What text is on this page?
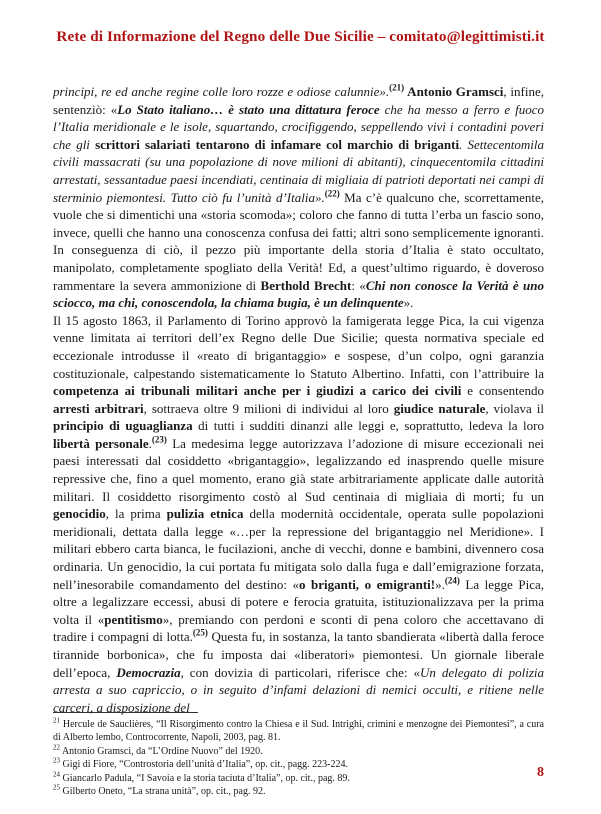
Rete di Informazione del Regno delle Due Sicilie – comitato@legittimisti.it

principi, re ed anche regine colle loro rozze e odiose calunnie».$^{(21)}$ Antonio Gramsci, infine, sentenziò: «Lo Stato italiano… è stato una dittatura feroce che ha messo a ferro e fuoco l’Italia meridionale e le isole, squartando, crocifiggendo, seppellendo vivi i contadini poveri che gli scrittori salariati tentarono di infamare col marchio di briganti. Settecentomila civili massacrati (su una popolazione di nove milioni di abitanti), cinquecentomila cittadini arrestati, sessantadue paesi incendiati, centinaia di migliaia di patrioti deportati nei campi di sterminio piemontesi. Tutto ciò fu l’unità d’Italia».$^{(22)}$ Ma c’è qualcuno che, scorrettamente, vuole che si dimentichi una «storia scomoda»; coloro che fanno di tutta l’erba un fascio sono, invece, quelli che hanno una conoscenza confusa dei fatti; altri sono semplicemente ignoranti. In conseguenza di ciò, il pezzo più importante della storia d’Italia è stato occultato, manipolato, completamente spogliato della Verità! Ed, a quest’ultimo riguardo, è doveroso rammentare la severa ammonizione di Berthold Brecht: «Chi non conosce la Verità è uno sciocco, ma chi, conoscendola, la chiama bugia, è un delinquente».

Il 15 agosto 1863, il Parlamento di Torino approvò la famigerata legge Pica, la cui vigenza venne limitata ai territori dell’ex Regno delle Due Sicilie; questa normativa speciale ed eccezionale introdusse il «reato di brigantaggio» e sospese, d’un colpo, ogni garanzia costituzionale, calpestando sistematicamente lo Statuto Albertino. Infatti, con l’attribuire la competenza ai tribunali militari anche per i giudizi a carico dei civili e consentendo arresti arbitrari, sottraeva oltre 9 milioni di individui al loro giudice naturale, violava il principio di uguaglianza di tutti i sudditi dinanzi alle leggi e, soprattutto, ledeva la loro libertà personale.$^{(23)}$ La medesima legge autorizzava l’adozione di misure eccezionali nei paesi interessati dal cosiddetto «brigantaggio», legalizzando ed inasprendo quelle misure repressive che, fino a quel momento, erano già state arbitrariamente applicate dalle autorità militari. Il cosiddetto risorgimento costò al Sud centinaia di migliaia di morti; fu un genocidio, la prima pulizia etnica della modernità occidentale, operata sulle popolazioni meridionali, dettata dalla legge «…per la repressione del brigantaggio nel Meridione». I militari ebbero carta bianca, le fucilazioni, anche di vecchi, donne e bambini, divennero cosa ordinaria. Un genocidio, la cui portata fu mitigata solo dalla fuga e dall’emigrazione forzata, nell’inesorabile comandamento del destino: «o briganti, o emigranti!».$^{(24)}$ La legge Pica, oltre a legalizzare eccessi, abusi di potere e ferocia gratuita, istituzionalizzava per la prima volta il «pentitismo», premiando con perdoni e sconti di pena coloro che accettavano di tradire i compagni di lotta.$^{(25)}$ Questa fu, in sostanza, la tanto sbandierata «libertà dalla feroce tirannide borbonica», che fu imposta dai «liberatori» piemontesi. Un giornale liberale dell’epoca, Democrazia, con dovizia di particolari, riferisce che: «Un delegato di polizia arresta a suo capriccio, o in seguito d’infami delazioni di nemici occulti, e ritiene nelle carceri, a disposizione del

$^{21}$ Hercule de Sauclières, “Il Risorgimento contro la Chiesa e il Sud. Intrighi, crimini e menzogne dei Piemontesi”, a cura di Alberto lembo, Controcorrente, Napoli, 2003, pag. 81.
$^{22}$ Antonio Gramsci, da “L’Ordine Nuovo” del 1920.
$^{23}$ Gigi di Fiore, “Controstoria dell’unità d’Italia”, op. cit., pagg. 223-224.
$^{24}$ Giancarlo Padula, “I Savoia e la storia taciuta d’Italia”, op. cit., pag. 89.
$^{25}$ Gilberto Oneto, “La strana unità”, op. cit., pag. 92.
8
